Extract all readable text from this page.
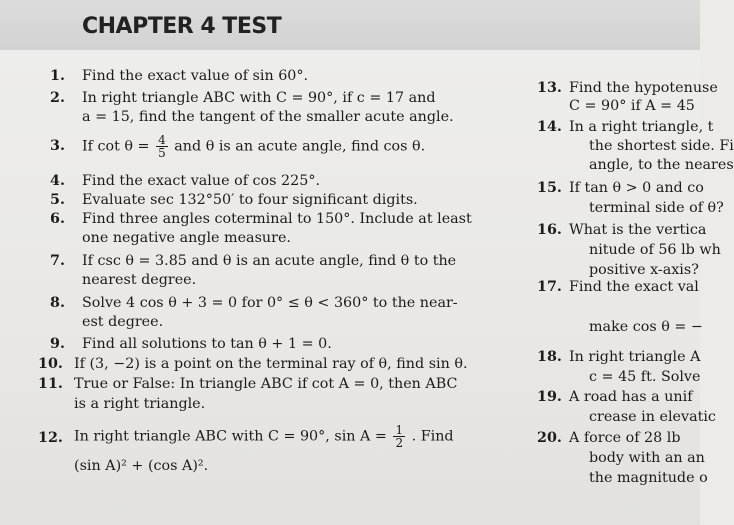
CHAPTER 4 TEST
1. Find the exact value of sin 60°.
2. In right triangle ABC with C = 90°, if c = 17 and
a = 15, find the tangent of the smaller acute angle.
3. If $\cot \theta = \frac{4}{5}$ and θ is an acute angle, find cos θ.
4. Find the exact value of cos 225°.
5. Evaluate sec 132°50′ to four significant digits.
6. Find three angles coterminal to 150°. Include at least
one negative angle measure.
7. If csc θ = 3.85 and θ is an acute angle, find θ to the
nearest degree.
8. Solve 4 cos θ + 3 = 0 for 0° ≤ θ < 360° to the near-
est degree.
9. Find all solutions to tan θ + 1 = 0.
10. If (3, −2) is a point on the terminal ray of θ, find sin θ.
11. True or False: In triangle ABC if cot A = 0, then ABC
is a right triangle.
12. In right triangle ABC with C = 90°, $\sin A = \frac{1}{2}$ . Find
(sin A)² + (cos A)².
13. Find the hypotenuse
C = 90° if A = 45
14. In a right triangle, t
the shortest side. Fi
angle, to the neares
15. If tan θ > 0 and co
terminal side of θ?
16. What is the vertica
nitude of 56 lb wh
positive x-axis?
17. Find the exact val
make cos θ = −
18. In right triangle A
c = 45 ft. Solve
19. A road has a unif
crease in elevatic
20. A force of 28 lb
body with an an
the magnitude o
